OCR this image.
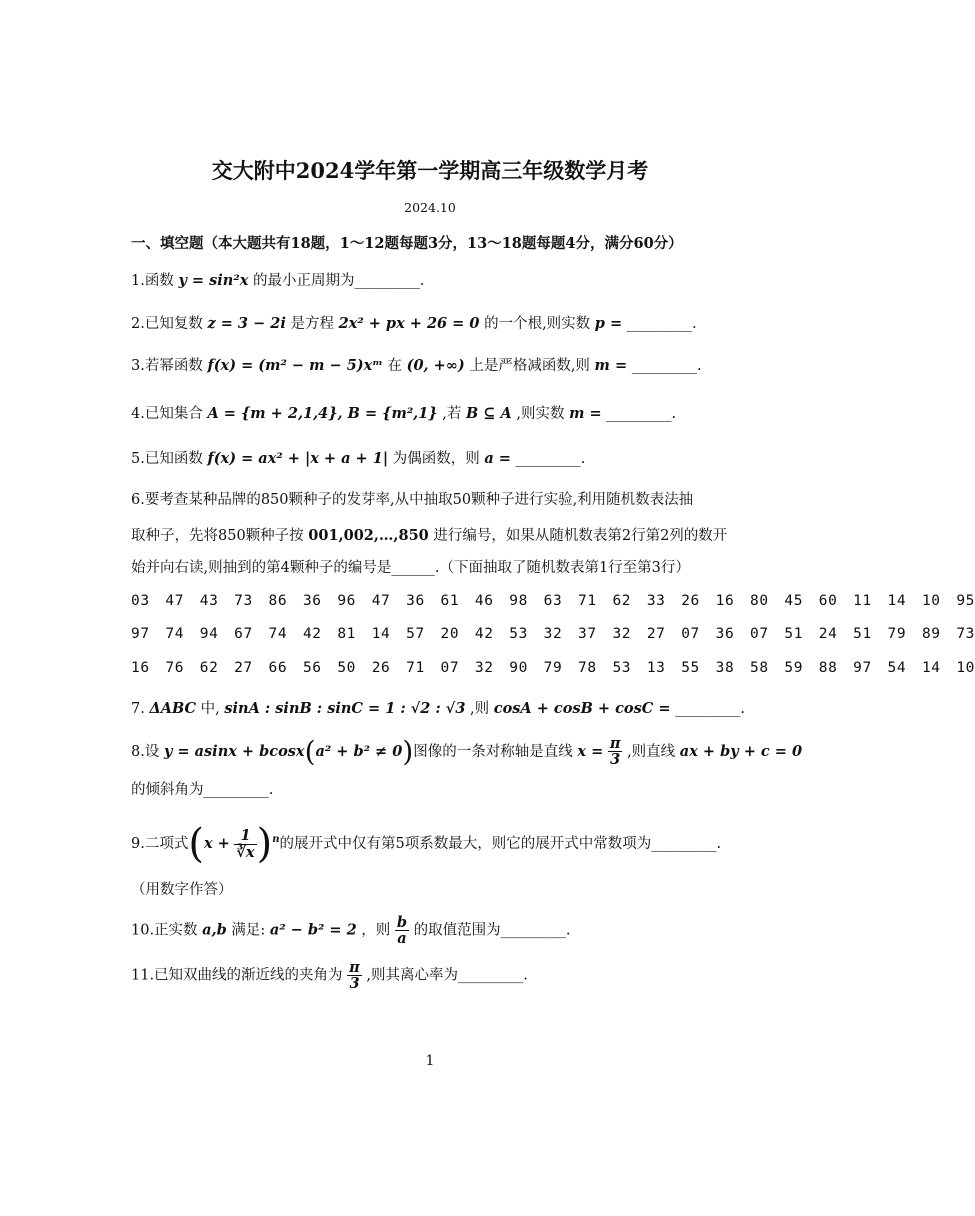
交大附中2024学年第一学期高三年级数学月考
2024.10
一、填空题（本大题共有18题，1～12题每题3分，13～18题每题4分，满分60分）
1.函数 y = sin²x 的最小正周期为_________.
2.已知复数 z = 3 − 2i 是方程 2x² + px + 26 = 0 的一个根,则实数 p = _________.
3.若幂函数 f(x) = (m² − m − 5)xᵐ 在 (0, +∞) 上是严格减函数,则 m = _________.
4.已知集合 A = {m + 2,1,4}, B = {m²,1} ,若 B ⊆ A ,则实数 m = _________.
5.已知函数 f(x) = ax² + |x + a + 1| 为偶函数，则 a = _________.
6.要考查某种品牌的850颗种子的发芽率,从中抽取50颗种子进行实验,利用随机数表法抽
取种子，先将850颗种子按 001,002,…,850 进行编号，如果从随机数表第2行第2列的数开
始并向右读,则抽到的第4颗种子的编号是______.（下面抽取了随机数表第1行至第3行）
03 47 43 73 86 36 96 47 36 61 46 98 63 71 62 33 26 16 80 45 60 11 14 10 95
97 74 94 67 74 42 81 14 57 20 42 53 32 37 32 27 07 36 07 51 24 51 79 89 73
16 76 62 27 66 56 50 26 71 07 32 90 79 78 53 13 55 38 58 59 88 97 54 14 10
7. ΔABC 中, sinA : sinB : sinC = 1 : √2 : √3 ,则 cosA + cosB + cosC = _________.
8.设 y = asinx + bcosx(a² + b² ≠ 0)图像的一条对称轴是直线 $x = \frac{\pi}{3}$ ,则直线 ax + by + c = 0
的倾斜角为_________.
9.二项式$(x + \frac{1}{∛x} )^n$的展开式中仅有第5项系数最大，则它的展开式中常数项为_________.
（用数字作答）
10.正实数 a,b 满足: a² − b² = 2 ，则 $\frac{b}{a}$ 的取值范围为_________.
11.已知双曲线的渐近线的夹角为 $\frac{\pi}{3}$ ,则其离心率为_________.
1
